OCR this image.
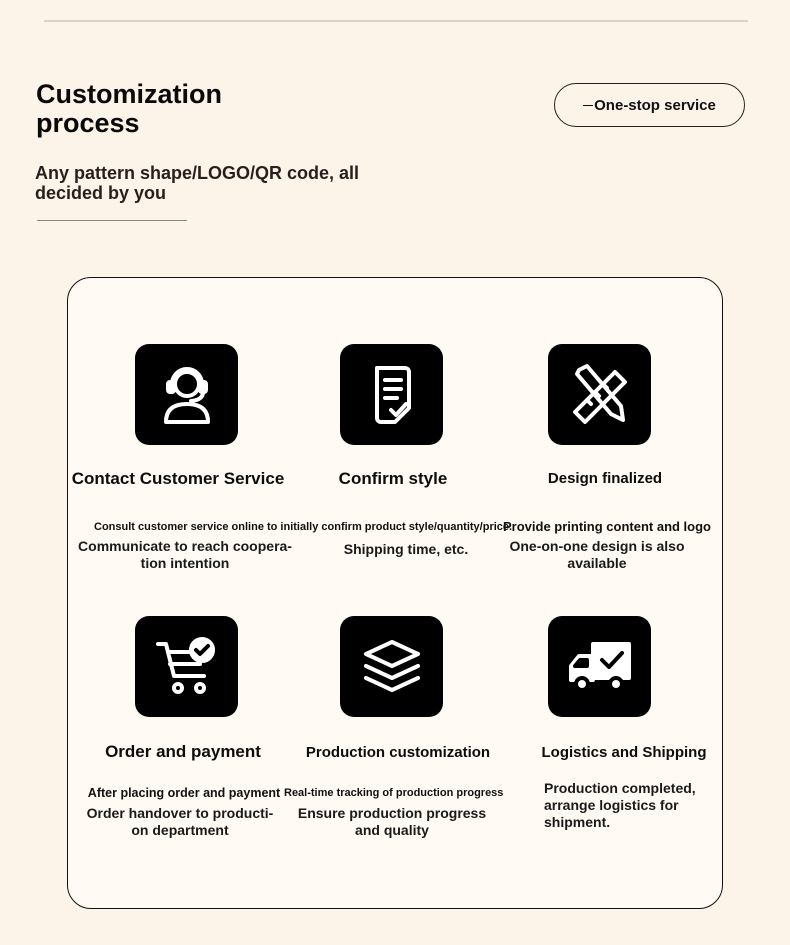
Customization process
Any pattern shape/LOGO/QR code, all decided by you
One-stop service
Contact Customer Service
Consult customer service online to initially confirm product style/quantity/price.
Communicate to reach coopera-tion intention
Confirm style
Shipping time, etc.
Design finalized
Provide printing content and logo
One-on-one design is also available
Order and payment
After placing order and payment
Order handover to producti-on department
Production customization
Real-time tracking of production progress
Ensure production progress and quality
Logistics and Shipping
Production completed, arrange logistics for shipment.
